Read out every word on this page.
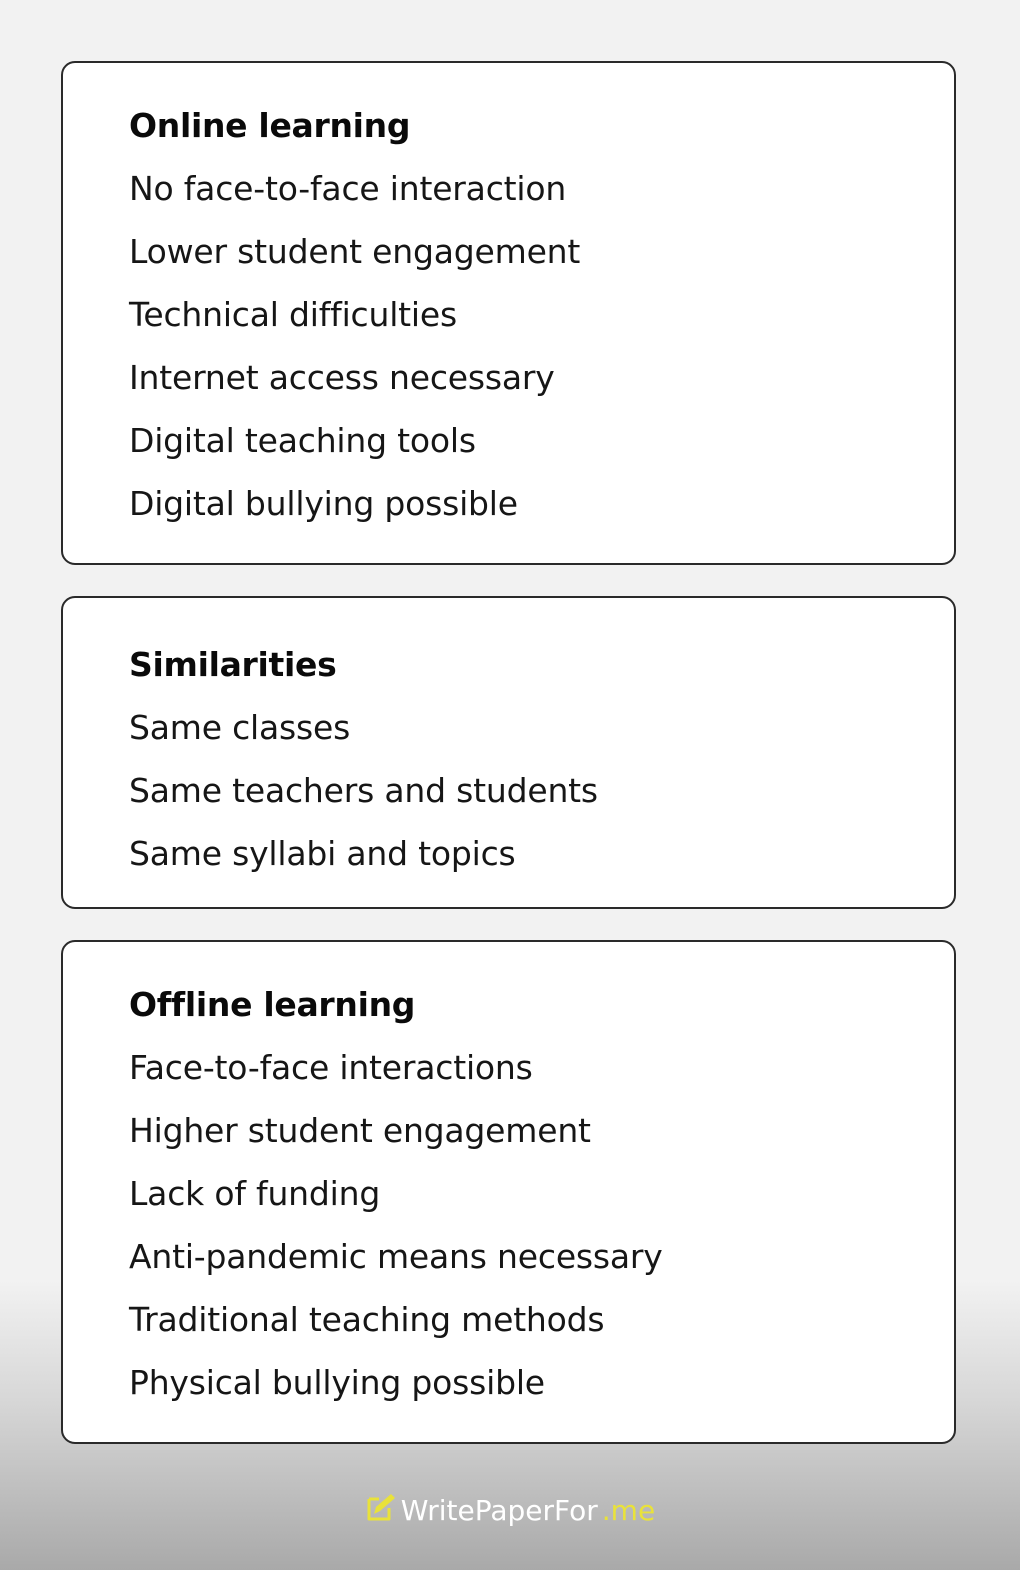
Online learning
No face-to-face interaction
Lower student engagement
Technical difficulties
Internet access necessary
Digital teaching tools
Digital bullying possible
Similarities
Same classes
Same teachers and students
Same syllabi and topics
Offline learning
Face-to-face interactions
Higher student engagement
Lack of funding
Anti-pandemic means necessary
Traditional teaching methods
Physical bullying possible
WritePaperFor .me
